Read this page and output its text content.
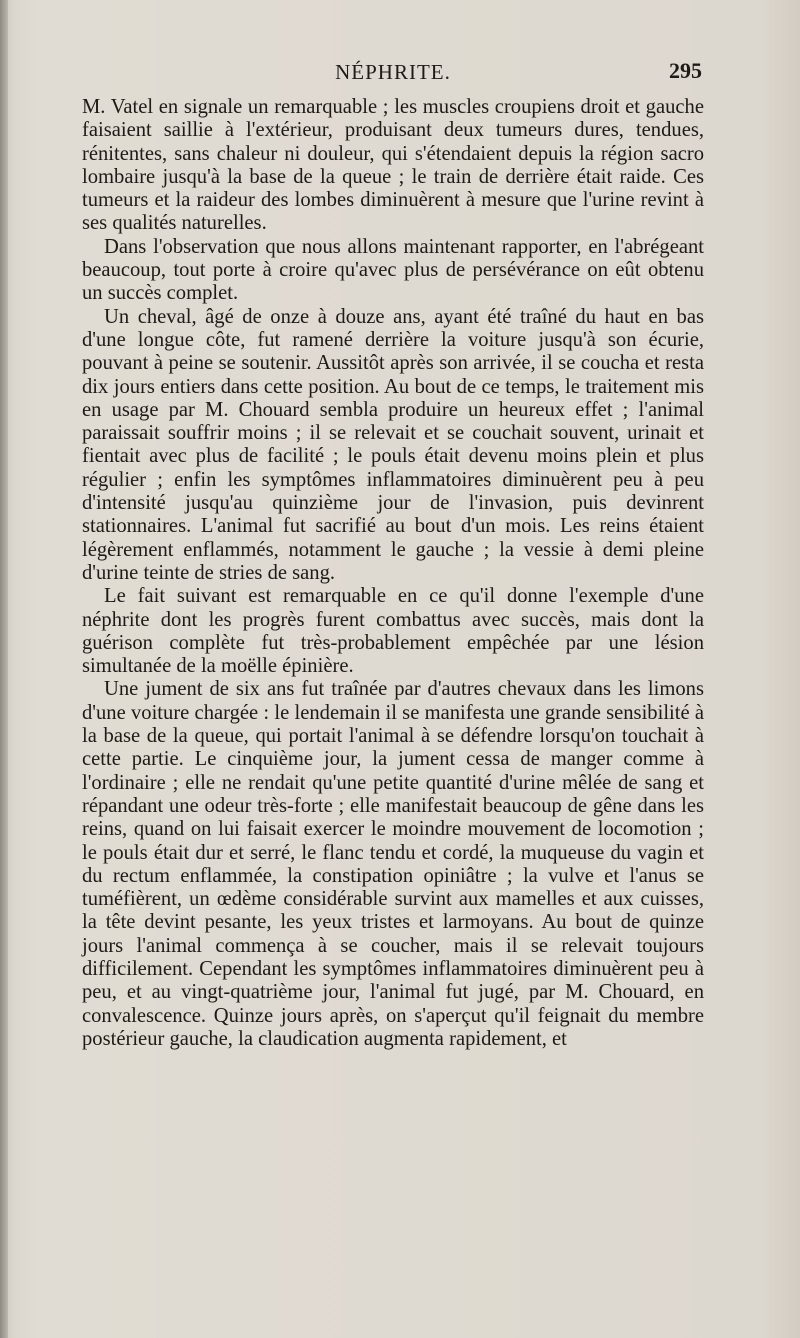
NÉPHRITE.	295

M. Vatel en signale un remarquable ; les muscles croupiens droit et gauche faisaient saillie à l'extérieur, produisant deux tumeurs dures, tendues, rénitentes, sans chaleur ni douleur, qui s'étendaient depuis la région sacro lombaire jusqu'à la base de la queue ; le train de derrière était raide. Ces tumeurs et la raideur des lombes diminuèrent à mesure que l'urine revint à ses qualités naturelles.

Dans l'observation que nous allons maintenant rapporter, en l'abrégeant beaucoup, tout porte à croire qu'avec plus de persévérance on eût obtenu un succès complet.

Un cheval, âgé de onze à douze ans, ayant été traîné du haut en bas d'une longue côte, fut ramené derrière la voiture jusqu'à son écurie, pouvant à peine se soutenir. Aussitôt après son arrivée, il se coucha et resta dix jours entiers dans cette position. Au bout de ce temps, le traitement mis en usage par M. Chouard sembla produire un heureux effet ; l'animal paraissait souffrir moins ; il se relevait et se couchait souvent, urinait et fientait avec plus de facilité ; le pouls était devenu moins plein et plus régulier ; enfin les symptômes inflammatoires diminuèrent peu à peu d'intensité jusqu'au quinzième jour de l'invasion, puis devinrent stationnaires. L'animal fut sacrifié au bout d'un mois. Les reins étaient légèrement enflammés, notamment le gauche ; la vessie à demi pleine d'urine teinte de stries de sang.

Le fait suivant est remarquable en ce qu'il donne l'exemple d'une néphrite dont les progrès furent combattus avec succès, mais dont la guérison complète fut très-probablement empêchée par une lésion simultanée de la moëlle épinière.

Une jument de six ans fut traînée par d'autres chevaux dans les limons d'une voiture chargée : le lendemain il se manifesta une grande sensibilité à la base de la queue, qui portait l'animal à se défendre lorsqu'on touchait à cette partie. Le cinquième jour, la jument cessa de manger comme à l'ordinaire ; elle ne rendait qu'une petite quantité d'urine mêlée de sang et répandant une odeur très-forte ; elle manifestait beaucoup de gêne dans les reins, quand on lui faisait exercer le moindre mouvement de locomotion ; le pouls était dur et serré, le flanc tendu et cordé, la muqueuse du vagin et du rectum enflammée, la constipation opiniâtre ; la vulve et l'anus se tuméfièrent, un œdème considérable survint aux mamelles et aux cuisses, la tête devint pesante, les yeux tristes et larmoyans. Au bout de quinze jours l'animal commença à se coucher, mais il se relevait toujours difficilement. Cependant les symptômes inflammatoires diminuèrent peu à peu, et au vingt-quatrième jour, l'animal fut jugé, par M. Chouard, en convalescence. Quinze jours après, on s'aperçut qu'il feignait du membre postérieur gauche, la claudication augmenta rapidement, et
